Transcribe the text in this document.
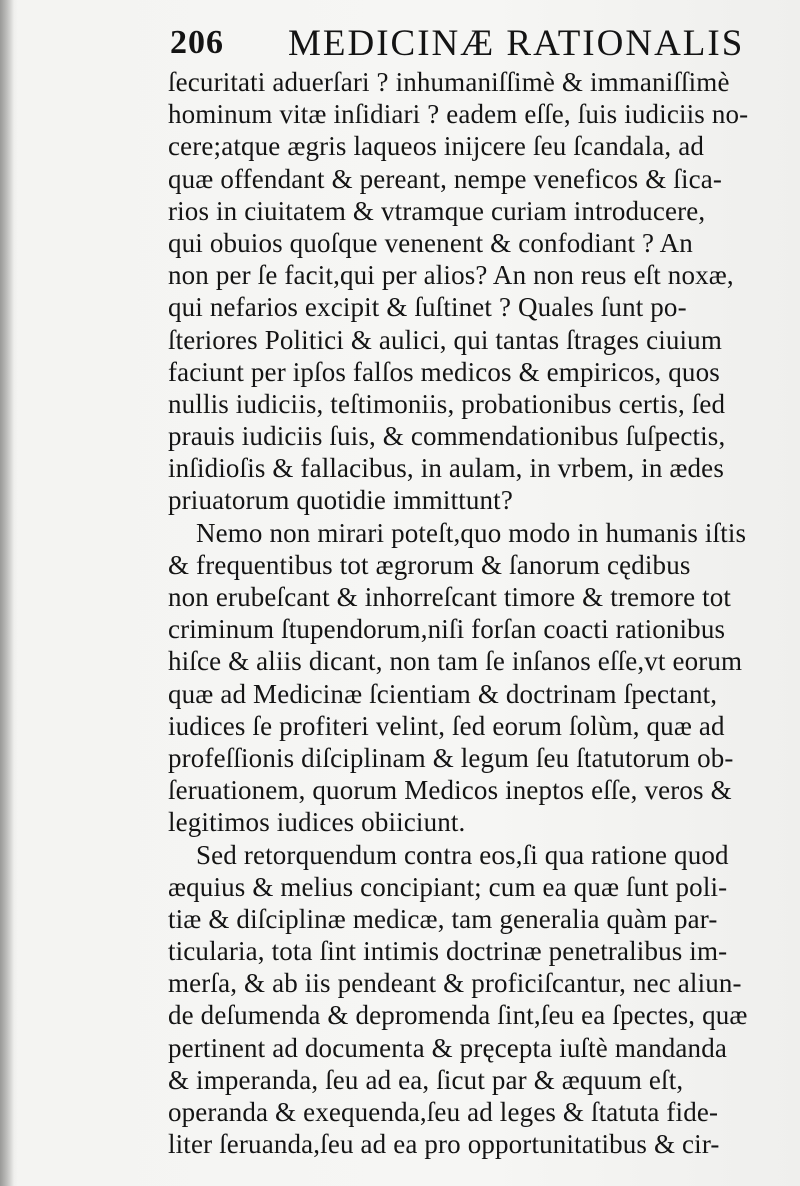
206 MEDICINÆ RATIONALIS
ſecuritati aduerſari ? inhumaniſſimè & immaniſſimè
hominum vitæ inſidiari ? eadem eſſe, ſuis iudiciis no-
cere;atque ægris laqueos inijcere ſeu ſcandala, ad
quæ offendant & pereant, nempe veneficos & ſica-
rios in ciuitatem & vtramque curiam introducere,
qui obuios quoſque venenent & confodiant ? An
non per ſe facit,qui per alios? An non reus eſt noxæ,
qui nefarios excipit & ſuſtinet ? Quales ſunt po-
ſteriores Politici & aulici, qui tantas ſtrages ciuium
faciunt per ipſos falſos medicos & empiricos, quos
nullis iudiciis, teſtimoniis, probationibus certis, ſed
prauis iudiciis ſuis, & commendationibus ſuſpectis,
inſidioſis & fallacibus, in aulam, in vrbem, in ædes
priuatorum quotidie immittunt?
Nemo non mirari poteſt,quo modo in humanis iſtis
& frequentibus tot ægrorum & ſanorum cędibus
non erubeſcant & inhorreſcant timore & tremore tot
criminum ſtupendorum,niſi forſan coacti rationibus
hiſce & aliis dicant, non tam ſe inſanos eſſe,vt eorum
quæ ad Medicinæ ſcientiam & doctrinam ſpectant,
iudices ſe profiteri velint, ſed eorum ſolùm, quæ ad
profeſſionis diſciplinam & legum ſeu ſtatutorum ob-
ſeruationem, quorum Medicos ineptos eſſe, veros &
legitimos iudices obiiciunt.
Sed retorquendum contra eos,ſi qua ratione quod
æquius & melius concipiant; cum ea quæ ſunt poli-
tiæ & diſciplinæ medicæ, tam generalia quàm par-
ticularia, tota ſint intimis doctrinæ penetralibus im-
merſa, & ab iis pendeant & proficiſcantur, nec aliun-
de deſumenda & depromenda ſint,ſeu ea ſpectes, quæ
pertinent ad documenta & pręcepta iuſtè mandanda
& imperanda, ſeu ad ea, ſicut par & æquum eſt,
operanda & exequenda,ſeu ad leges & ſtatuta fide-
liter ſeruanda,ſeu ad ea pro opportunitatibus & cir-
